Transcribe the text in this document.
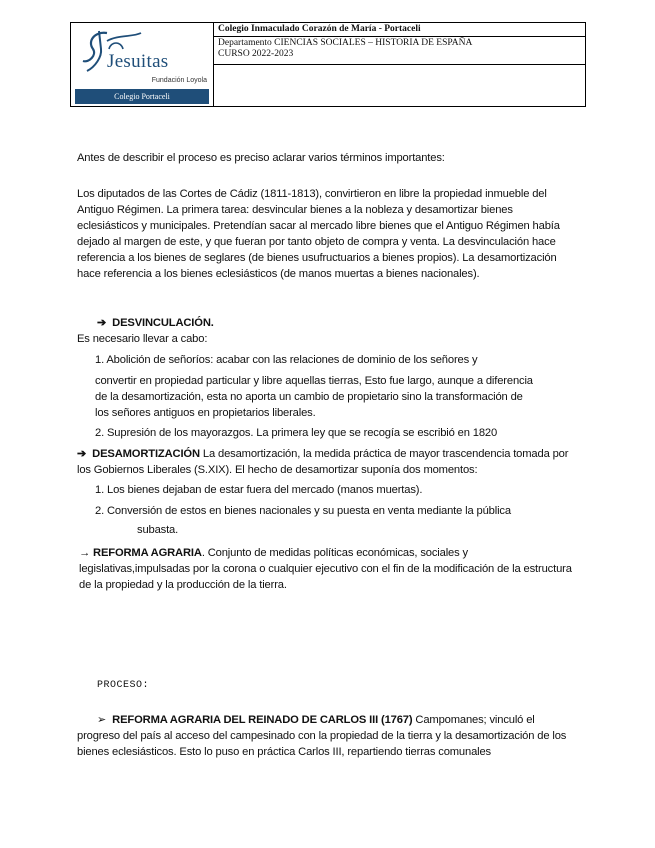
Jesuitas
Fundación Loyola
Colegio Portaceli
Colegio Inmaculado Corazón de María - Portaceli
Departamento CIENCIAS SOCIALES – HISTORIA DE ESPAÑA
CURSO 2022-2023
Antes de describir el proceso es preciso aclarar varios términos importantes:
Los diputados de las Cortes de Cádiz (1811-1813), convirtieron en libre la propiedad inmueble del Antiguo Régimen. La primera tarea: desvincular bienes a la nobleza y desamortizar bienes eclesiásticos y municipales. Pretendían sacar al mercado libre bienes que el Antiguo Régimen había dejado al margen de este, y que fueran por tanto objeto de compra y venta. La desvinculación hace referencia a los bienes de seglares (de bienes usufructuarios a bienes propios). La desamortización hace referencia a los bienes eclesiásticos (de manos muertas a bienes nacionales).
➔ DESVINCULACIÓN.
Es necesario llevar a cabo:
1. Abolición de señoríos: acabar con las relaciones de dominio de los señores y
convertir en propiedad particular y libre aquellas tierras, Esto fue largo, aunque a diferencia de la desamortización, esta no aporta un cambio de propietario sino la transformación de los señores antiguos en propietarios liberales.
2. Supresión de los mayorazgos. La primera ley que se recogía se escribió en 1820
➔ DESAMORTIZACIÓN La desamortización, la medida práctica de mayor trascendencia tomada por los Gobiernos Liberales (S.XIX). El hecho de desamortizar suponía dos momentos:
1. Los bienes dejaban de estar fuera del mercado (manos muertas).
2. Conversión de estos en bienes nacionales y su puesta en venta mediante la pública
subasta.
→ REFORMA AGRARIA. Conjunto de medidas políticas económicas, sociales y legislativas,impulsadas por la corona o cualquier ejecutivo con el fin de la modificación de la estructura de la propiedad y la producción de la tierra.
PROCESO:
➢ REFORMA AGRARIA DEL REINADO DE CARLOS III (1767) Campomanes; vinculó el progreso del país al acceso del campesinado con la propiedad de la tierra y la desamortización de los bienes eclesiásticos. Esto lo puso en práctica Carlos III, repartiendo tierras comunales
